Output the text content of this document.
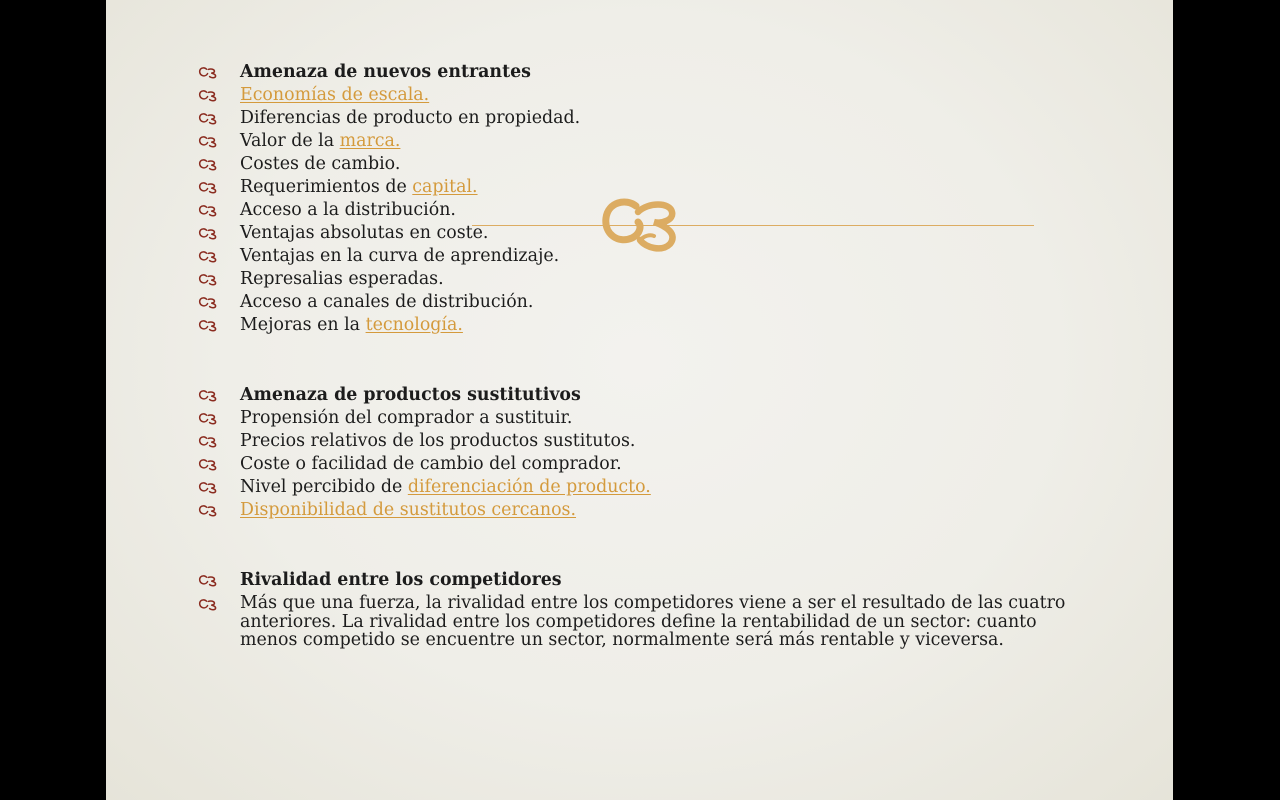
Amenaza de nuevos entrantes
Economías de escala.
Diferencias de producto en propiedad.
Valor de la marca.
Costes de cambio.
Requerimientos de capital.
Acceso a la distribución.
Ventajas absolutas en coste.
Ventajas en la curva de aprendizaje.
Represalias esperadas.
Acceso a canales de distribución.
Mejoras en la tecnología.
Amenaza de productos sustitutivos
Propensión del comprador a sustituir.
Precios relativos de los productos sustitutos.
Coste o facilidad de cambio del comprador.
Nivel percibido de diferenciación de producto.
Disponibilidad de sustitutos cercanos.
Rivalidad entre los competidores
Más que una fuerza, la rivalidad entre los competidores viene a ser el resultado de las cuatro anteriores. La rivalidad entre los competidores define la rentabilidad de un sector: cuanto menos competido se encuentre un sector, normalmente será más rentable y viceversa.
